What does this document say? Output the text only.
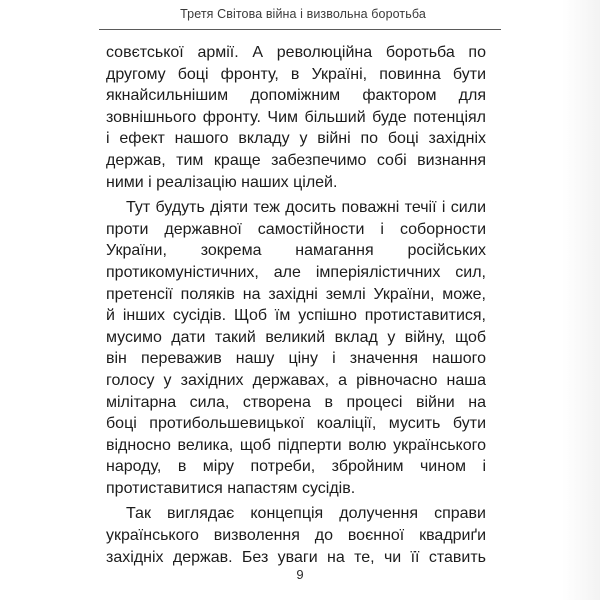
Третя Світова війна і визвольна боротьба
совєтської армії. А революційна боротьба по
другому боці фронту, в Україні, повинна бути
якнайсильнішим допоміжним фактором для
зовнішнього фронту. Чим більший буде потенціял
і ефект нашого вкладу у війні по боці західніх
держав, тим краще забезпечимо собі визнання
ними і реалізацію наших цілей.
Тут будуть діяти теж досить поважні течії і сили
проти державної самостійности і соборности
України, зокрема намагання російських
протикомуністичних, але імперіялістичних сил,
претенсії поляків на західні землі України, може,
й інших сусідів. Щоб їм успішно протиставитися,
мусимо дати такий великий вклад у війну, щоб
він переважив нашу ціну і значення нашого
голосу у західних державах, а рівночасно наша
мілітарна сила, створена в процесі війни на
боці протибольшевицької коаліції, мусить бути
відносно велика, щоб підперти волю українського
народу, в міру потреби, збройним чином і
протиставитися напастям сусідів.
Так виглядає концепція долучення справи
українського визволення до воєнної квадриґи
західніх держав. Без уваги на те, чи її ставить
9
